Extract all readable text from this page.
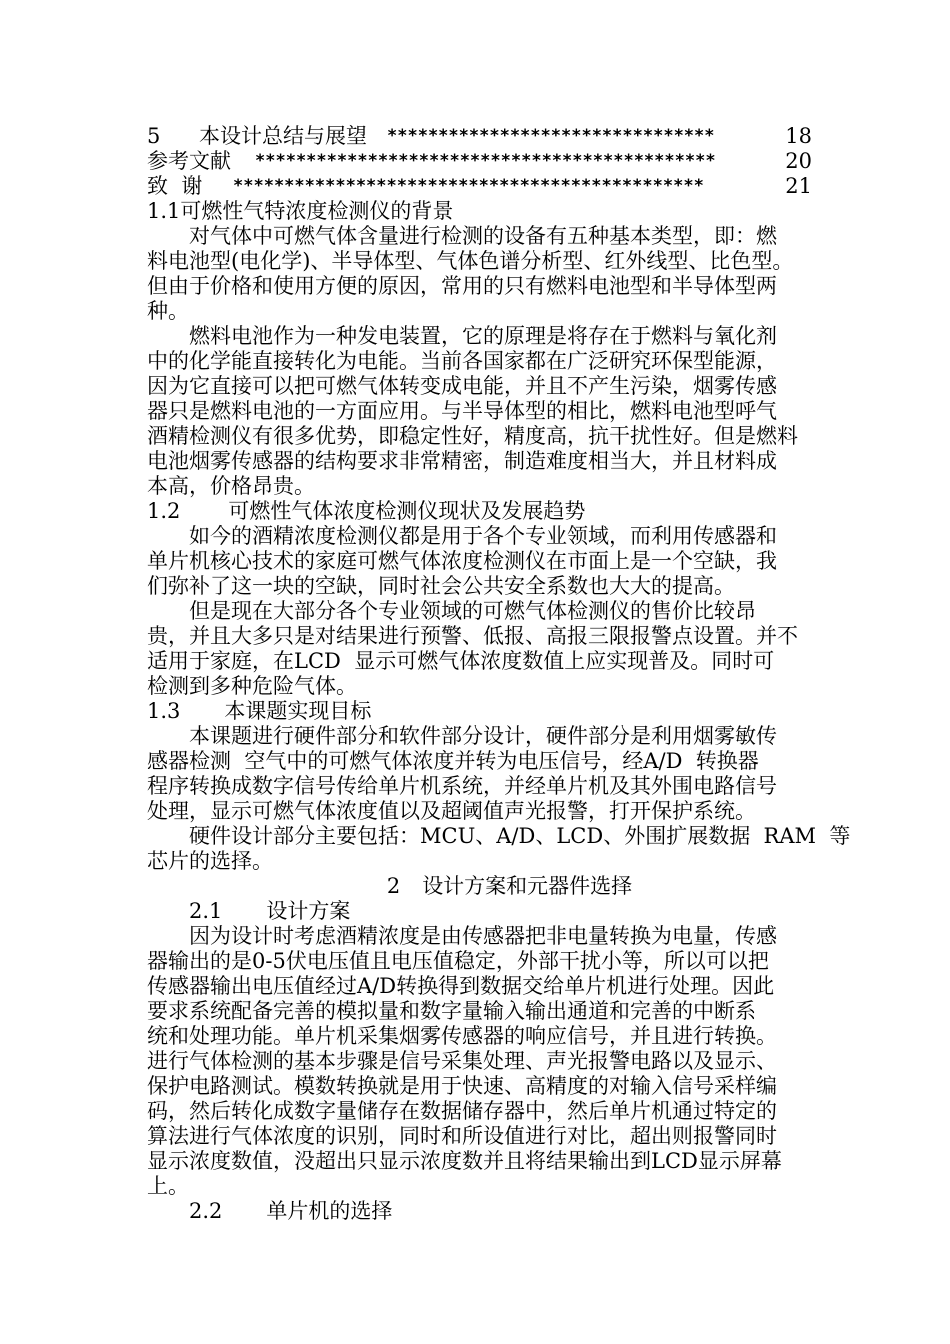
5 本设计总结与展望 ********************************	18
参考文献 *********************************************	20
致  谢 **********************************************	21
1.1可燃性气特浓度检测仪的背景
对气体中可燃气体含量进行检测的设备有五种基本类型，即：燃
料电池型(电化学)、半导体型、气体色谱分析型、红外线型、比色型。
但由于价格和使用方便的原因，常用的只有燃料电池型和半导体型两
种。
燃料电池作为一种发电装置，它的原理是将存在于燃料与氧化剂
中的化学能直接转化为电能。当前各国家都在广泛研究环保型能源，
因为它直接可以把可燃气体转变成电能，并且不产生污染，烟雾传感
器只是燃料电池的一方面应用。与半导体型的相比，燃料电池型呼气
酒精检测仪有很多优势，即稳定性好，精度高，抗干扰性好。但是燃料
电池烟雾传感器的结构要求非常精密，制造难度相当大，并且材料成
本高，价格昂贵。
1.2 可燃性气体浓度检测仪现状及发展趋势
如今的酒精浓度检测仪都是用于各个专业领域，而利用传感器和
单片机核心技术的家庭可燃气体浓度检测仪在市面上是一个空缺，我
们弥补了这一块的空缺，同时社会公共安全系数也大大的提高。
但是现在大部分各个专业领域的可燃气体检测仪的售价比较昂
贵，并且大多只是对结果进行预警、低报、高报三限报警点设置。并不
适用于家庭，在LCD  显示可燃气体浓度数值上应实现普及。同时可
检测到多种危险气体。
1.3 本课题实现目标
本课题进行硬件部分和软件部分设计，硬件部分是利用烟雾敏传
感器检测  空气中的可燃气体浓度并转为电压信号，经A/D  转换器
程序转换成数字信号传给单片机系统，并经单片机及其外围电路信号
处理，显示可燃气体浓度值以及超阈值声光报警，打开保护系统。
硬件设计部分主要包括：MCU、A/D、LCD、外围扩展数据  RAM  等
芯片的选择。
2 设计方案和元器件选择
2.1 设计方案
因为设计时考虑酒精浓度是由传感器把非电量转换为电量，传感
器输出的是0-5伏电压值且电压值稳定，外部干扰小等，所以可以把
传感器输出电压值经过A/D转换得到数据交给单片机进行处理。因此
要求系统配备完善的模拟量和数字量输入输出通道和完善的中断系
统和处理功能。单片机采集烟雾传感器的响应信号，并且进行转换。
进行气体检测的基本步骤是信号采集处理、声光报警电路以及显示、
保护电路测试。模数转换就是用于快速、高精度的对输入信号采样编
码，然后转化成数字量储存在数据储存器中，然后单片机通过特定的
算法进行气体浓度的识别，同时和所设值进行对比，超出则报警同时
显示浓度数值，没超出只显示浓度数并且将结果输出到LCD显示屏幕
上。
2.2 单片机的选择
